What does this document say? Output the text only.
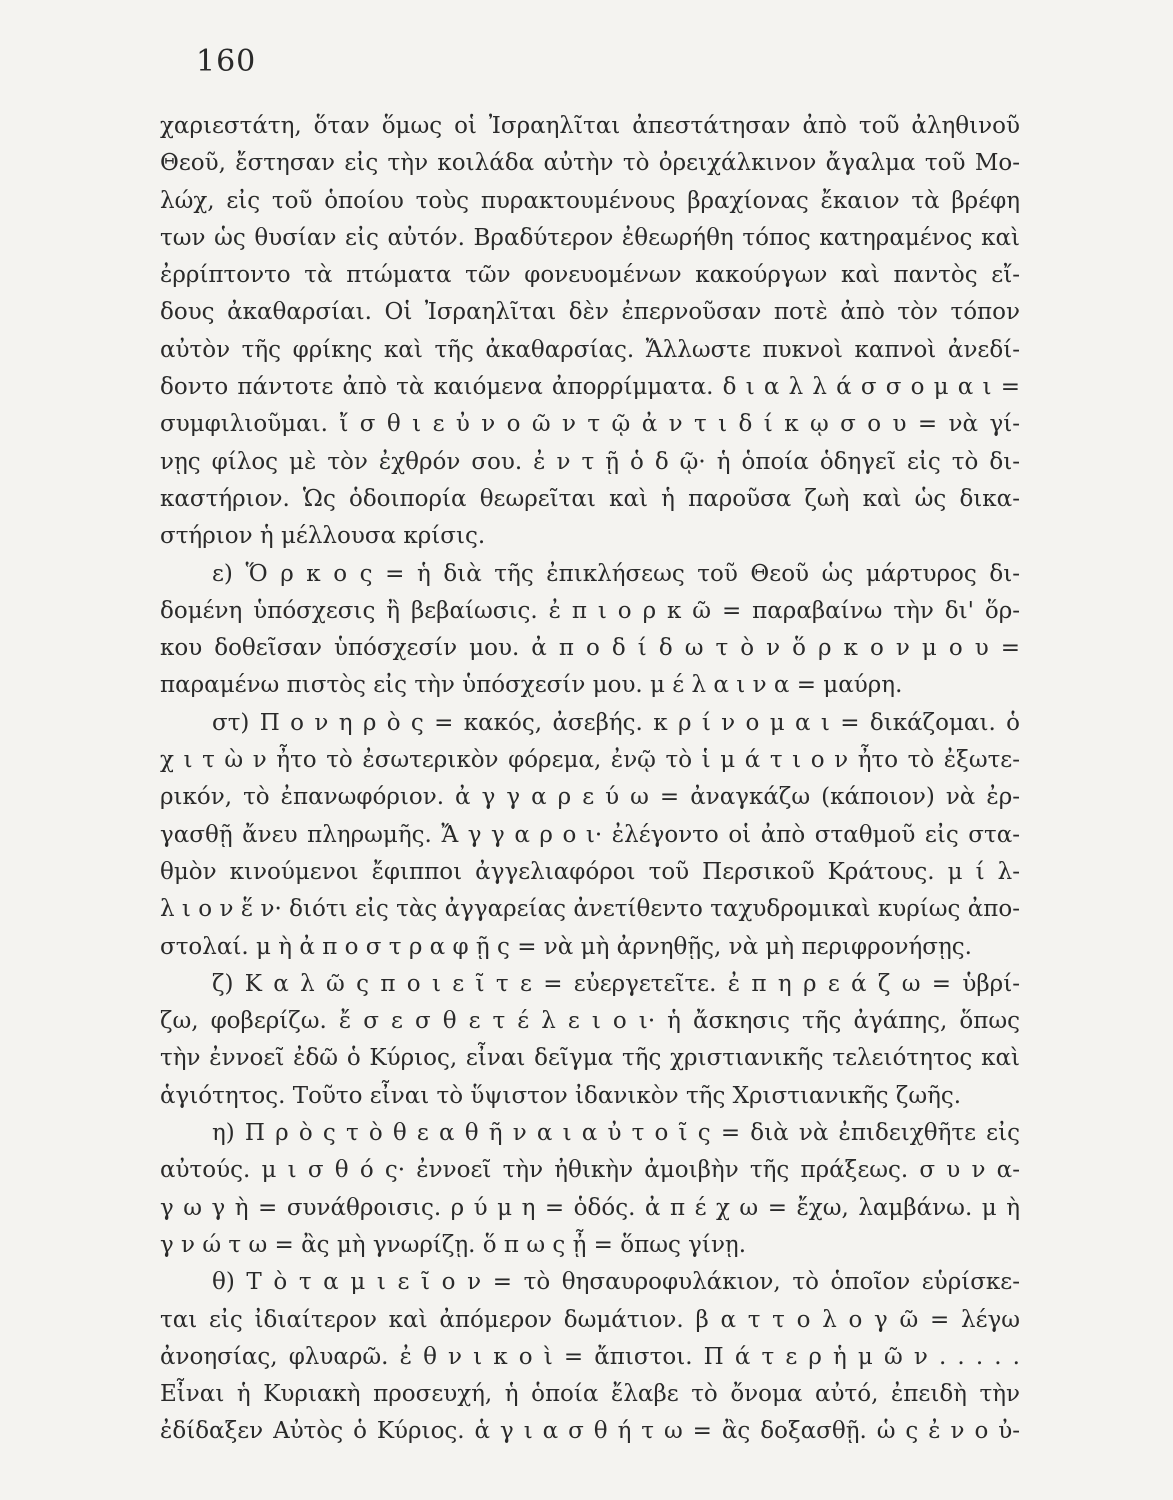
160
χαριεστάτη, ὅταν ὅμως οἱ Ἰσραηλῖται ἀπεστάτησαν ἀπὸ τοῦ ἀληθινοῦ
Θεοῦ, ἔστησαν εἰς τὴν κοιλάδα αὐτὴν τὸ ὀρειχάλκινον ἄγαλμα τοῦ Μο-
λώχ, εἰς τοῦ ὁποίου τοὺς πυρακτουμένους βραχίονας ἔκαιον τὰ βρέφη
των ὡς θυσίαν εἰς αὐτόν. Βραδύτερον ἐθεωρήθη τόπος κατηραμένος καὶ
ἐρρίπτοντο τὰ πτώματα τῶν φονευομένων κακούργων καὶ παντὸς εἴ-
δους ἀκαθαρσίαι. Οἱ Ἰσραηλῖται δὲν ἐπερνοῦσαν ποτὲ ἀπὸ τὸν τόπον
αὐτὸν τῆς φρίκης καὶ τῆς ἀκαθαρσίας. Ἄλλωστε πυκνοὶ καπνοὶ ἀνεδί-
δοντο πάντοτε ἀπὸ τὰ καιόμενα ἀπορρίμματα. δ ι α λ λ ά σ σ ο μ α ι =
συμφιλιοῦμαι. ἴ σ θ ι ε ὐ ν ο ῶ ν τ ῷ ἀ ν τ ι δ ί κ ῳ σ ο υ = νὰ γί-
νῃς φίλος μὲ τὸν ἐχθρόν σου. ἐ ν τ ῇ ὁ δ ῷ· ἡ ὁποία ὁδηγεῖ εἰς τὸ δι-
καστήριον. Ὡς ὁδοιπορία θεωρεῖται καὶ ἡ παροῦσα ζωὴ καὶ ὡς δικα-
στήριον ἡ μέλλουσα κρίσις.
ε) Ὅ ρ κ ο ς = ἡ διὰ τῆς ἐπικλήσεως τοῦ Θεοῦ ὡς μάρτυρος δι-
δομένη ὑπόσχεσις ἢ βεβαίωσις. ἐ π ι ο ρ κ ῶ = παραβαίνω τὴν δι' ὅρ-
κου δοθεῖσαν ὑπόσχεσίν μου. ἀ π ο δ ί δ ω τ ὸ ν ὅ ρ κ ο ν μ ο υ =
παραμένω πιστὸς εἰς τὴν ὑπόσχεσίν μου. μ έ λ α ι ν α = μαύρη.
στ) Π ο ν η ρ ὸ ς = κακός, ἀσεβής. κ ρ ί ν ο μ α ι = δικάζομαι. ὁ
χ ι τ ὼ ν ἦτο τὸ ἐσωτερικὸν φόρεμα, ἐνῷ τὸ ἱ μ ά τ ι ο ν ἦτο τὸ ἐξωτε-
ρικόν, τὸ ἐπανωφόριον. ἀ γ γ α ρ ε ύ ω = ἀναγκάζω (κάποιον) νὰ ἐρ-
γασθῇ ἄνευ πληρωμῆς. Ἄ γ γ α ρ ο ι· ἐλέγοντο οἱ ἀπὸ σταθμοῦ εἰς στα-
θμὸν κινούμενοι ἔφιπποι ἀγγελιαφόροι τοῦ Περσικοῦ Κράτους. μ ί λ-
λ ι ο ν ἕ ν· διότι εἰς τὰς ἀγγαρείας ἀνετίθεντο ταχυδρομικαὶ κυρίως ἀπο-
στολαί. μ ὴ ἀ π ο σ τ ρ α φ ῇ ς = νὰ μὴ ἀρνηθῇς, νὰ μὴ περιφρονήσῃς.
ζ) Κ α λ ῶ ς π ο ι ε ῖ τ ε = εὐεργετεῖτε. ἐ π η ρ ε ά ζ ω = ὑβρί-
ζω, φοβερίζω. ἔ σ ε σ θ ε τ έ λ ε ι ο ι· ἡ ἄσκησις τῆς ἀγάπης, ὅπως
τὴν ἐννοεῖ ἐδῶ ὁ Κύριος, εἶναι δεῖγμα τῆς χριστιανικῆς τελειότητος καὶ
ἁγιότητος. Τοῦτο εἶναι τὸ ὕψιστον ἰδανικὸν τῆς Χριστιανικῆς ζωῆς.
η) Π ρ ὸ ς τ ὸ θ ε α θ ῆ ν α ι α ὐ τ ο ῖ ς = διὰ νὰ ἐπιδειχθῆτε εἰς
αὐτούς. μ ι σ θ ό ς· ἐννοεῖ τὴν ἠθικὴν ἀμοιβὴν τῆς πράξεως. σ υ ν α-
γ ω γ ὴ = συνάθροισις. ρ ύ μ η = ὁδός. ἀ π έ χ ω = ἔχω, λαμβάνω. μ ὴ
γ ν ώ τ ω = ἂς μὴ γνωρίζῃ. ὅ π ω ς ᾖ = ὅπως γίνῃ.
θ) Τ ὸ τ α μ ι ε ῖ ο ν = τὸ θησαυροφυλάκιον, τὸ ὁποῖον εὑρίσκε-
ται εἰς ἰδιαίτερον καὶ ἀπόμερον δωμάτιον. β α τ τ ο λ ο γ ῶ = λέγω
ἀνοησίας, φλυαρῶ. ἐ θ ν ι κ ο ὶ = ἄπιστοι. Π ά τ ε ρ ἡ μ ῶ ν . . . . .
Εἶναι ἡ Κυριακὴ προσευχή, ἡ ὁποία ἔλαβε τὸ ὄνομα αὐτό, ἐπειδὴ τὴν
ἐδίδαξεν Αὐτὸς ὁ Κύριος. ἁ γ ι α σ θ ή τ ω = ἂς δοξασθῇ. ὡ ς ἐ ν ο ὐ-
